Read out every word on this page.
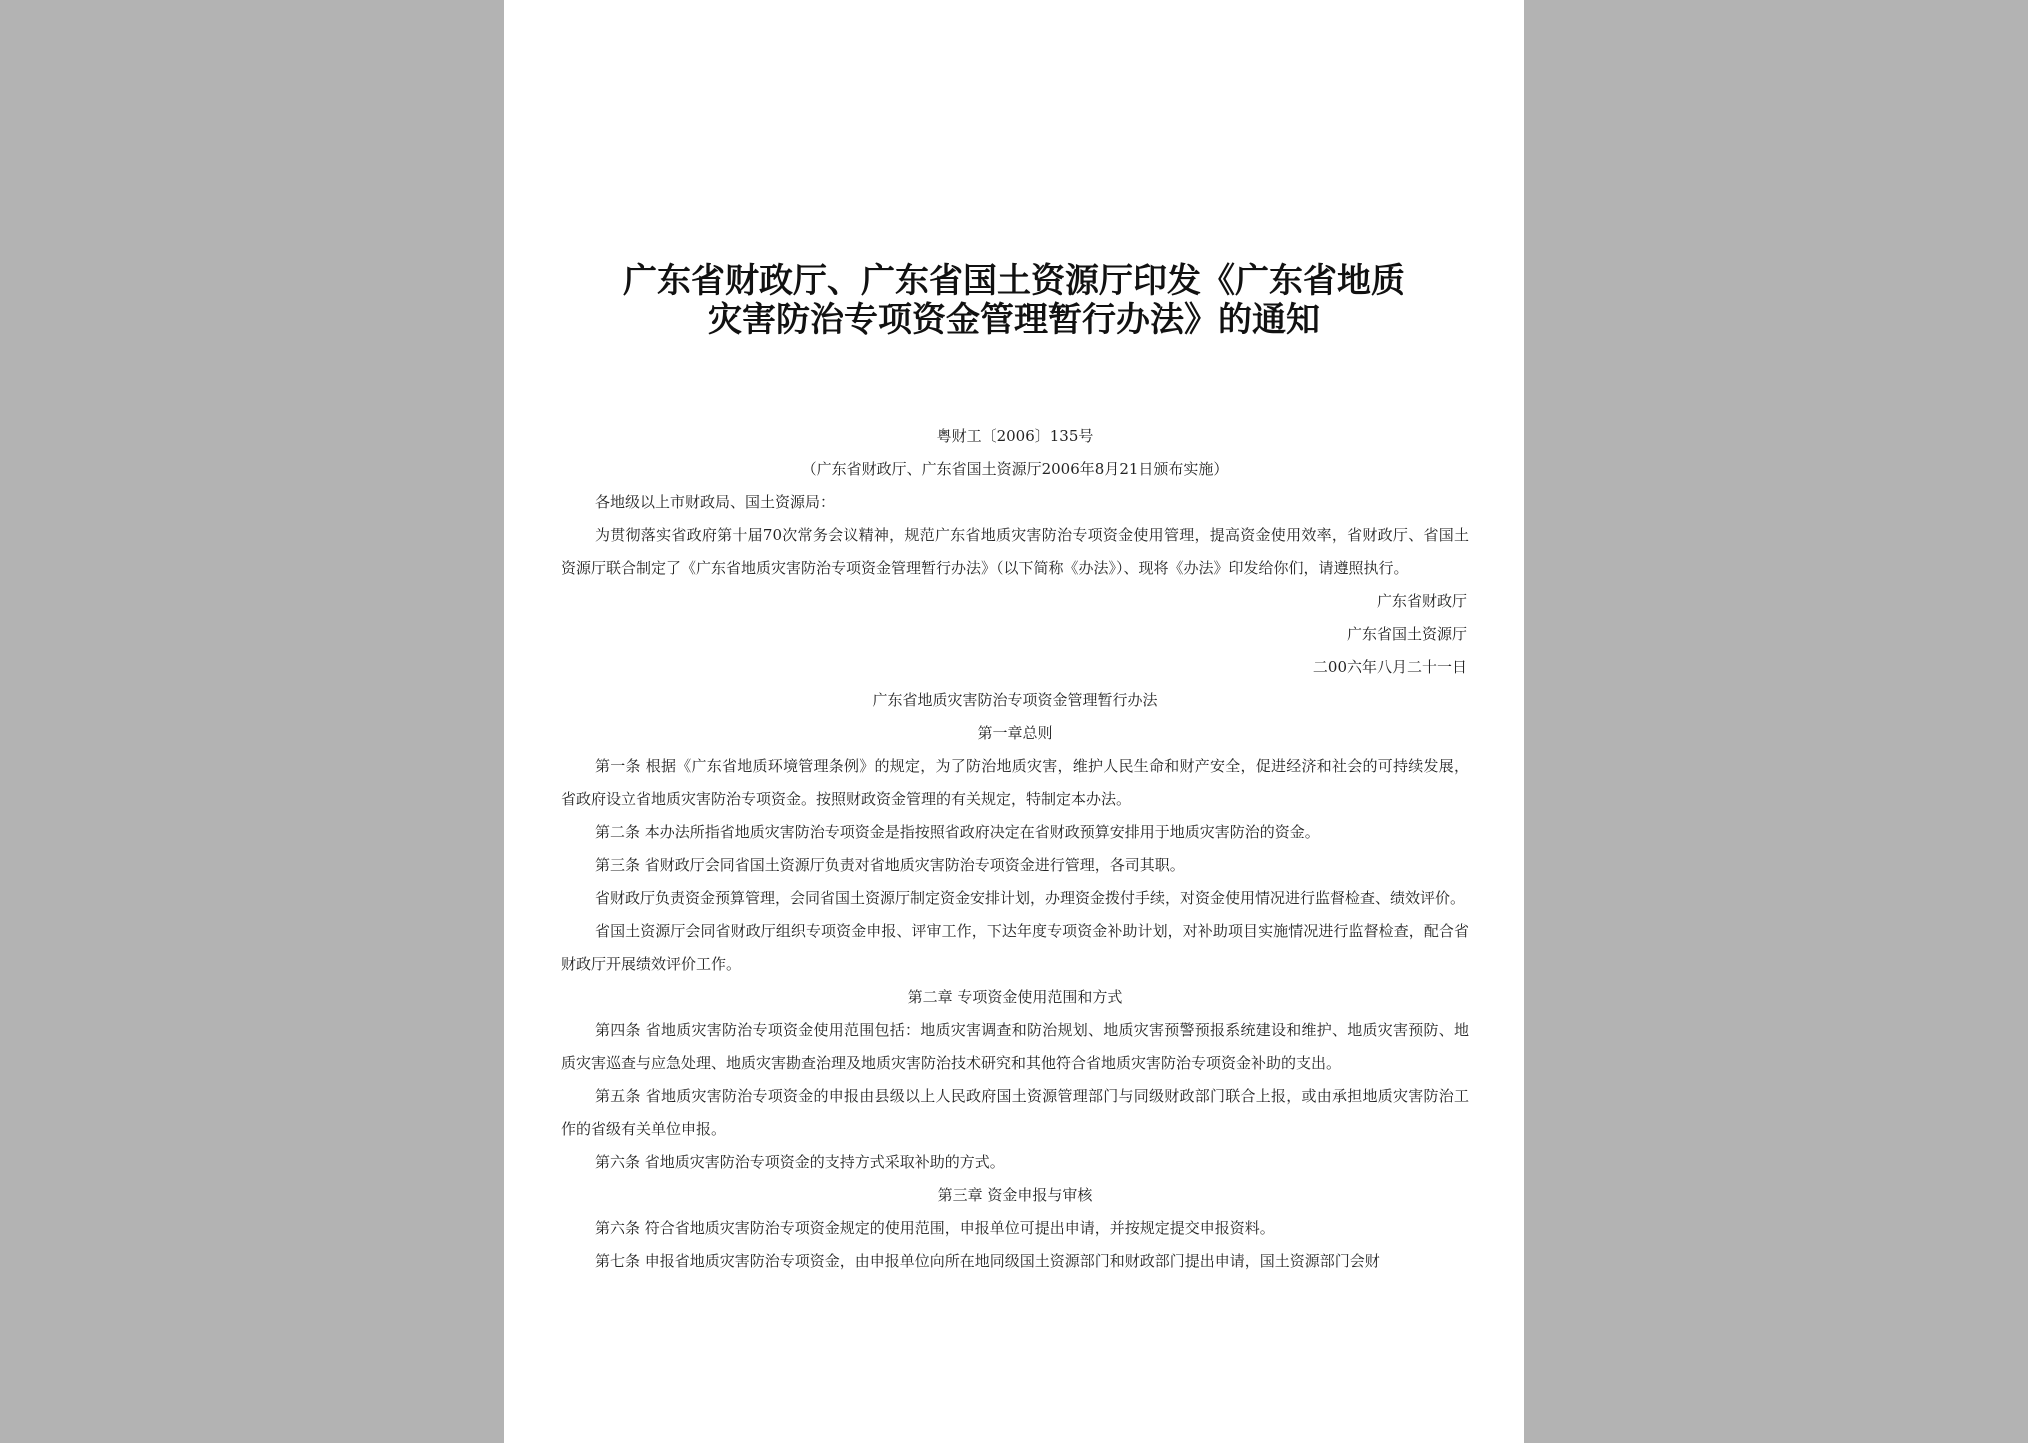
广东省财政厅、广东省国土资源厅印发《广东省地质
灾害防治专项资金管理暂行办法》的通知

粤财工〔2006〕135号

（广东省财政厅、广东省国土资源厅2006年8月21日颁布实施）

各地级以上市财政局、国土资源局：

为贯彻落实省政府第十届70次常务会议精神，规范广东省地质灾害防治专项资金使用管理，提高资金使用效率，省财政厅、省国土资源厅联合制定了《广东省地质灾害防治专项资金管理暂行办法》（以下简称《办法》）、现将《办法》印发给你们，请遵照执行。

广东省财政厅

广东省国土资源厅

二00六年八月二十一日

广东省地质灾害防治专项资金管理暂行办法

第一章总则

第一条 根据《广东省地质环境管理条例》的规定，为了防治地质灾害，维护人民生命和财产安全，促进经济和社会的可持续发展，省政府设立省地质灾害防治专项资金。按照财政资金管理的有关规定，特制定本办法。

第二条 本办法所指省地质灾害防治专项资金是指按照省政府决定在省财政预算安排用于地质灾害防治的资金。

第三条 省财政厅会同省国土资源厅负责对省地质灾害防治专项资金进行管理，各司其职。

省财政厅负责资金预算管理，会同省国土资源厅制定资金安排计划，办理资金拨付手续，对资金使用情况进行监督检查、绩效评价。

省国土资源厅会同省财政厅组织专项资金申报、评审工作，下达年度专项资金补助计划，对补助项目实施情况进行监督检查，配合省财政厅开展绩效评价工作。

第二章 专项资金使用范围和方式

第四条 省地质灾害防治专项资金使用范围包括：地质灾害调查和防治规划、地质灾害预警预报系统建设和维护、地质灾害预防、地质灾害巡查与应急处理、地质灾害勘查治理及地质灾害防治技术研究和其他符合省地质灾害防治专项资金补助的支出。

第五条 省地质灾害防治专项资金的申报由县级以上人民政府国土资源管理部门与同级财政部门联合上报，或由承担地质灾害防治工作的省级有关单位申报。

第六条 省地质灾害防治专项资金的支持方式采取补助的方式。

第三章 资金申报与审核

第六条 符合省地质灾害防治专项资金规定的使用范围，申报单位可提出申请，并按规定提交申报资料。

第七条 申报省地质灾害防治专项资金，由申报单位向所在地同级国土资源部门和财政部门提出申请，国土资源部门会财
